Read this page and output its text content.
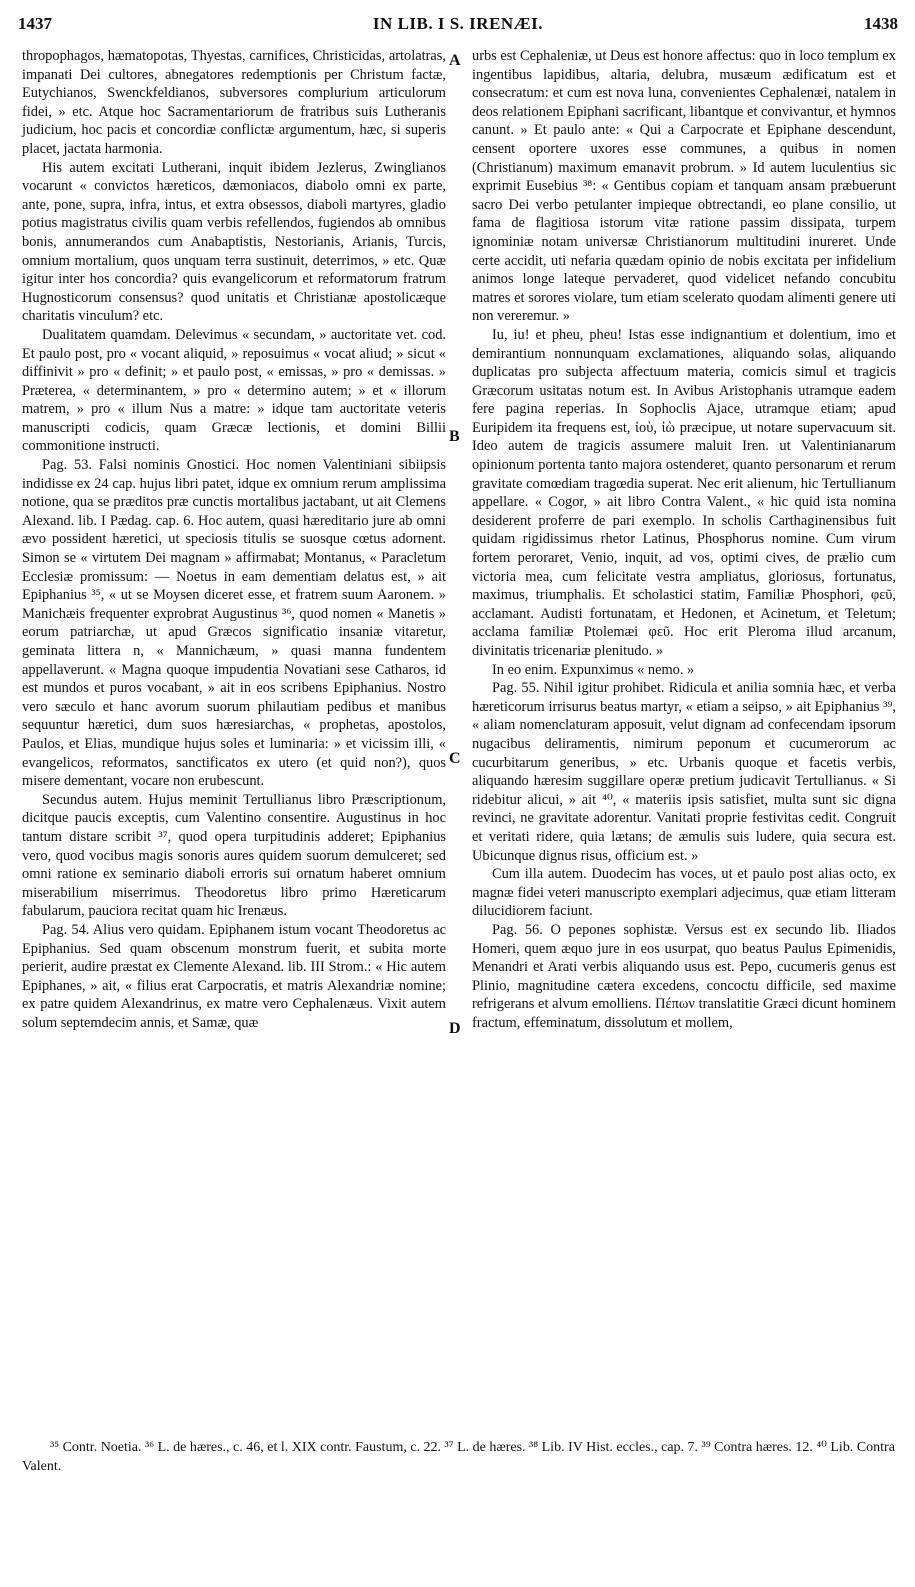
1437	IN LIB. I S. IRENÆI.	1438
A
B
C
D

thropophagos, hæmatopotas, Thyestas, carnifices, Christicidas, artolatras, impanati Dei cultores, abnegatores redemptionis per Christum factæ, Eutychianos, Swenckfeldianos, subversores complurium articulorum fidei, » etc. Atque hoc Sacramentariorum de fratribus suis Lutheranis judicium, hoc pacis et concordiæ conflictæ argumentum, hæc, si superis placet, jactata harmonia.

His autem excitati Lutherani, inquit ibidem Jezlerus, Zwinglianos vocarunt « convictos hæreticos, dæmoniacos, diabolo omni ex parte, ante, pone, supra, infra, intus, et extra obsessos, diaboli martyres, gladio potius magistratus civilis quam verbis refellendos, fugiendos ab omnibus bonis, annumerandos cum Anabaptistis, Nestorianis, Arianis, Turcis, omnium mortalium, quos unquam terra sustinuit, deterrimos, » etc. Quæ igitur inter hos concordia? quis evangelicorum et reformatorum fratrum Hugnosticorum consensus? quod unitatis et Christianæ apostolicæque charitatis vinculum? etc.

Dualitatem quamdam. Delevimus « secundam, » auctoritate vet. cod. Et paulo post, pro « vocant aliquid, » reposuimus « vocat aliud; » sicut « diffinivit » pro « definit; » et paulo post, « emissas, » pro « demissas. » Præterea, « determinantem, » pro « determino autem; » et « illorum matrem, » pro « illum Nus a matre: » idque tam auctoritate veteris manuscripti codicis, quam Græcæ lectionis, et domini Billii commonitione instructi.

Pag. 53. Falsi nominis Gnostici. Hoc nomen Valentiniani sibiipsis indidisse ex 24 cap. hujus libri patet, idque ex omnium rerum amplissima notione, qua se præditos præ cunctis mortalibus jactabant, ut ait Clemens Alexand. lib. I Pædag. cap. 6. Hoc autem, quasi hæreditario jure ab omni ævo possident hæretici, ut speciosis titulis se suosque cœtus adornent. Simon se « virtutem Dei magnam » affirmabat; Montanus, « Paracletum Ecclesiæ promissum: — Noetus in eam dementiam delatus est, » ait Epiphanius ³⁵, « ut se Moysen diceret esse, et fratrem suum Aaronem. » Manichæis frequenter exprobrat Augustinus ³⁶, quod nomen « Manetis » eorum patriarchæ, ut apud Græcos significatio insaniæ vitaretur, geminata littera n, « Mannichæum, » quasi manna fundentem appellaverunt. « Magna quoque impudentia Novatiani sese Catharos, id est mundos et puros vocabant, » ait in eos scribens Epiphanius. Nostro vero sæculo et hanc avorum suorum philautiam pedibus et manibus sequuntur hæretici, dum suos hæresiarchas, « prophetas, apostolos, Paulos, et Elias, mundique hujus soles et luminaria: » et vicissim illi, « evangelicos, reformatos, sanctificatos ex utero (et quid non?), quos misere dementant, vocare non erubescunt.

Secundus autem. Hujus meminit Tertullianus libro Præscriptionum, dicitque paucis exceptis, cum Valentino consentire. Augustinus in hoc tantum distare scribit ³⁷, quod opera turpitudinis adderet; Epiphanius vero, quod vocibus magis sonoris aures quidem suorum demulceret; sed omni ratione ex seminario diaboli erroris sui ornatum haberet omnium miserabilium miserrimus. Theodoretus libro primo Hæreticarum fabularum, pauciora recitat quam hic Irenæus.

Pag. 54. Alius vero quidam. Epiphanem istum vocant Theodoretus ac Epiphanius. Sed quam obscenum monstrum fuerit, et subita morte perierit, audire præstat ex Clemente Alexand. lib. III Strom.: « Hic autem Epiphanes, » ait, « filius erat Carpocratis, et matris Alexandriæ nomine; ex patre quidem Alexandrinus, ex matre vero Cephalenæus. Vixit autem solum septemdecim annis, et Samæ, quæ

urbs est Cephaleniæ, ut Deus est honore affectus: quo in loco templum ex ingentibus lapidibus, altaria, delubra, musæum ædificatum est et consecratum: et cum est nova luna, convenientes Cephalenæi, natalem in deos relationem Epiphani sacrificant, libantque et convivantur, et hymnos canunt. » Et paulo ante: « Qui a Carpocrate et Epiphane descendunt, censent oportere uxores esse communes, a quibus in nomen (Christianum) maximum emanavit probrum. » Id autem luculentius sic exprimit Eusebius ³⁸: « Gentibus copiam et tanquam ansam præbuerunt sacro Dei verbo petulanter impieque obtrectandi, eo plane consilio, ut fama de flagitiosa istorum vitæ ratione passim dissipata, turpem ignominiæ notam universæ Christianorum multitudini inureret. Unde certe accidit, uti nefaria quædam opinio de nobis excitata per infidelium animos longe lateque pervaderet, quod videlicet nefando concubitu matres et sorores violare, tum etiam sceleratо quodam alimenti genere uti non vereremur. »

Iu, iu! et pheu, pheu! Istas esse indignantium et dolentium, imo et demirantium nonnunquam exclamationes, aliquando solas, aliquando duplicatas pro subjecta affectuum materia, comicis simul et tragicis Græcorum usitatas notum est. In Avibus Aristophanis utramque eadem fere pagina reperias. In Sophoclis Ajace, utramque etiam; apud Euripidem ita frequens est, ἰοὺ, ἰὼ præcipue, ut notare supervacuum sit. Ideo autem de tragicis assumere maluit Iren. ut Valentinianarum opinionum portenta tanto majora ostenderet, quanto personarum et rerum gravitate comœdiam tragœdia superat. Nec erit alienum, hic Tertullianum appellare. « Cogor, » ait libro Contra Valent., « hic quid ista nomina desiderent proferre de pari exemplo. In scholis Carthaginensibus fuit quidam rigidissimus rhetor Latinus, Phosphorus nomine. Cum virum fortem peroraret, Venio, inquit, ad vos, optimi cives, de prælio cum victoria mea, cum felicitate vestra ampliatus, gloriosus, fortunatus, maximus, triumphalis. Et scholastici statim, Familiæ Phosphori, φεῦ, acclamant. Audisti fortunatam, et Hedonen, et Acinetum, et Teletum; acclama familiæ Ptolemæi φεῦ. Hoc erit Pleroma illud arcanum, divinitatis tricenariæ plenitudo. »

In eo enim. Expunximus « nemo. »

Pag. 55. Nihil igitur prohibet. Ridicula et anilia somnia hæc, et verba hæreticorum irrisurus beatus martyr, « etiam a seipso, » ait Epiphanius ³⁹, « aliam nomenclaturam apposuit, velut dignam ad confecendam ipsorum nugacibus deliramentis, nimirum peponum et cucumerorum ac cucurbitarum generibus, » etc. Urbanis quoque et facetis verbis, aliquando hæresim suggillare operæ pretium judicavit Tertullianus. « Si ridebitur alicui, » ait ⁴⁰, « materiis ipsis satisfiet, multa sunt sic digna revinci, ne gravitate adorentur. Vanitati proprie festivitas cedit. Congruit et veritati ridere, quia lætans; de æmulis suis ludere, quia secura est. Ubicunque dignus risus, officium est. »

Cum illa autem. Duodecim has voces, ut et paulo post alias octo, ex magnæ fidei veteri manuscripto exemplari adjecimus, quæ etiam litteram dilucidiorem faciunt.

Pag. 56. O pepones sophistæ. Versus est ex secundo lib. Iliados Homeri, quem æquo jure in eos usurpat, quo beatus Paulus Epimenidis, Menandri et Arati verbis aliquando usus est. Pepo, cucumeris genus est Plinio, magnitudine cætera excedens, concoctu difficile, sed maxime refrigerans et alvum emolliens. Πέπων translatitie Græci dicunt hominem fractum, effeminatum, dissolutum et mollem,

³⁵ Contr. Noetia. ³⁶ L. de hæres., c. 46, et l. XIX contr. Faustum, c. 22. ³⁷ L. de hæres. ³⁸ Lib. IV Hist. eccles., cap. 7. ³⁹ Contra hæres. 12. ⁴⁰ Lib. Contra Valent.
